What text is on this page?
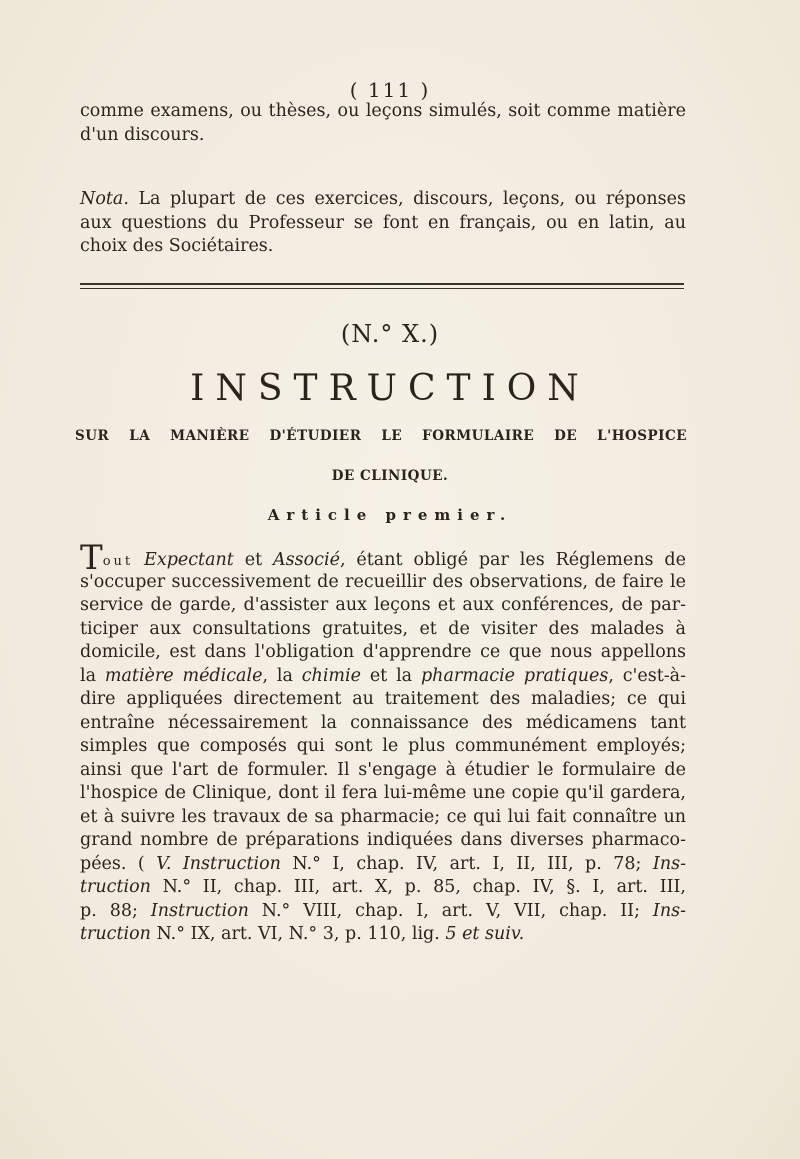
( 111 )
comme examens, ou thèses, ou leçons simulés, soit comme matière
d'un discours.
Nota. La plupart de ces exercices, discours, leçons, ou réponses
aux questions du Professeur se font en français, ou en latin, au
choix des Sociétaires.
(N.° X.)
INSTRUCTION
SUR LA MANIÈRE D'ÉTUDIER LE FORMULAIRE DE L'HOSPICE
DE CLINIQUE.
Article premier.
Tout Expectant et Associé, étant obligé par les Réglemens de
s'occuper successivement de recueillir des observations, de faire le
service de garde, d'assister aux leçons et aux conférences, de par-
ticiper aux consultations gratuites, et de visiter des malades à
domicile, est dans l'obligation d'apprendre ce que nous appellons
la matière médicale, la chimie et la pharmacie pratiques, c'est-à-
dire appliquées directement au traitement des maladies; ce qui
entraîne nécessairement la connaissance des médicamens tant
simples que composés qui sont le plus communément employés;
ainsi que l'art de formuler. Il s'engage à étudier le formulaire de
l'hospice de Clinique, dont il fera lui-même une copie qu'il gardera,
et à suivre les travaux de sa pharmacie; ce qui lui fait connaître un
grand nombre de préparations indiquées dans diverses pharmaco-
pées. ( V. Instruction N.° I, chap. IV, art. I, II, III, p. 78; Ins-
truction N.° II, chap. III, art. X, p. 85, chap. IV, §. I, art. III,
p. 88; Instruction N.° VIII, chap. I, art. V, VII, chap. II; Ins-
truction N.° IX, art. VI, N.° 3, p. 110, lig. 5 et suiv.
